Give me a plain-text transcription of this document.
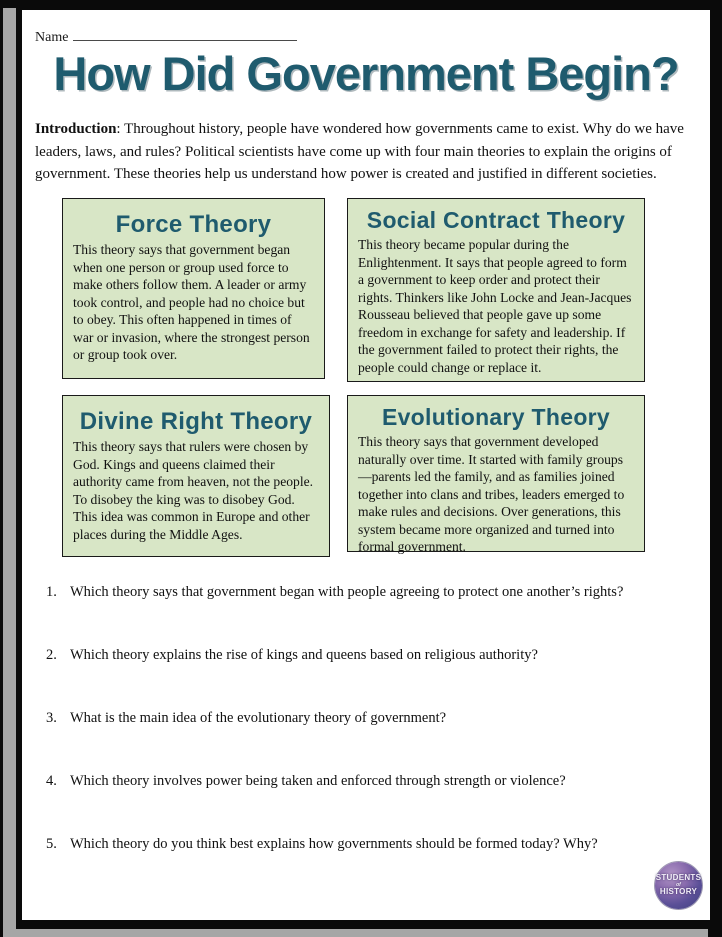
Name
How Did Government Begin?

Introduction: Throughout history, people have wondered how governments came to exist. Why do we have leaders, laws, and rules? Political scientists have come up with four main theories to explain the origins of government. These theories help us understand how power is created and justified in different societies.

Force Theory
This theory says that government began when one person or group used force to make others follow them. A leader or army took control, and people had no choice but to obey. This often happened in times of war or invasion, where the strongest person or group took over.
Social Contract Theory
This theory became popular during the Enlightenment. It says that people agreed to form a government to keep order and protect their rights. Thinkers like John Locke and Jean-Jacques Rousseau believed that people gave up some freedom in exchange for safety and leadership. If the government failed to protect their rights, the people could change or replace it.
Divine Right Theory
This theory says that rulers were chosen by God. Kings and queens claimed their authority came from heaven, not the people. To disobey the king was to disobey God. This idea was common in Europe and other places during the Middle Ages.
Evolutionary Theory
This theory says that government developed naturally over time. It started with family groups—parents led the family, and as families joined together into clans and tribes, leaders emerged to make rules and decisions. Over generations, this system became more organized and turned into formal government.
1. Which theory says that government began with people agreeing to protect one another’s rights?
2. Which theory explains the rise of kings and queens based on religious authority?
3. What is the main idea of the evolutionary theory of government?
4. Which theory involves power being taken and enforced through strength or violence?
5. Which theory do you think best explains how governments should be formed today? Why?
STUDENTS
of
HISTORY
